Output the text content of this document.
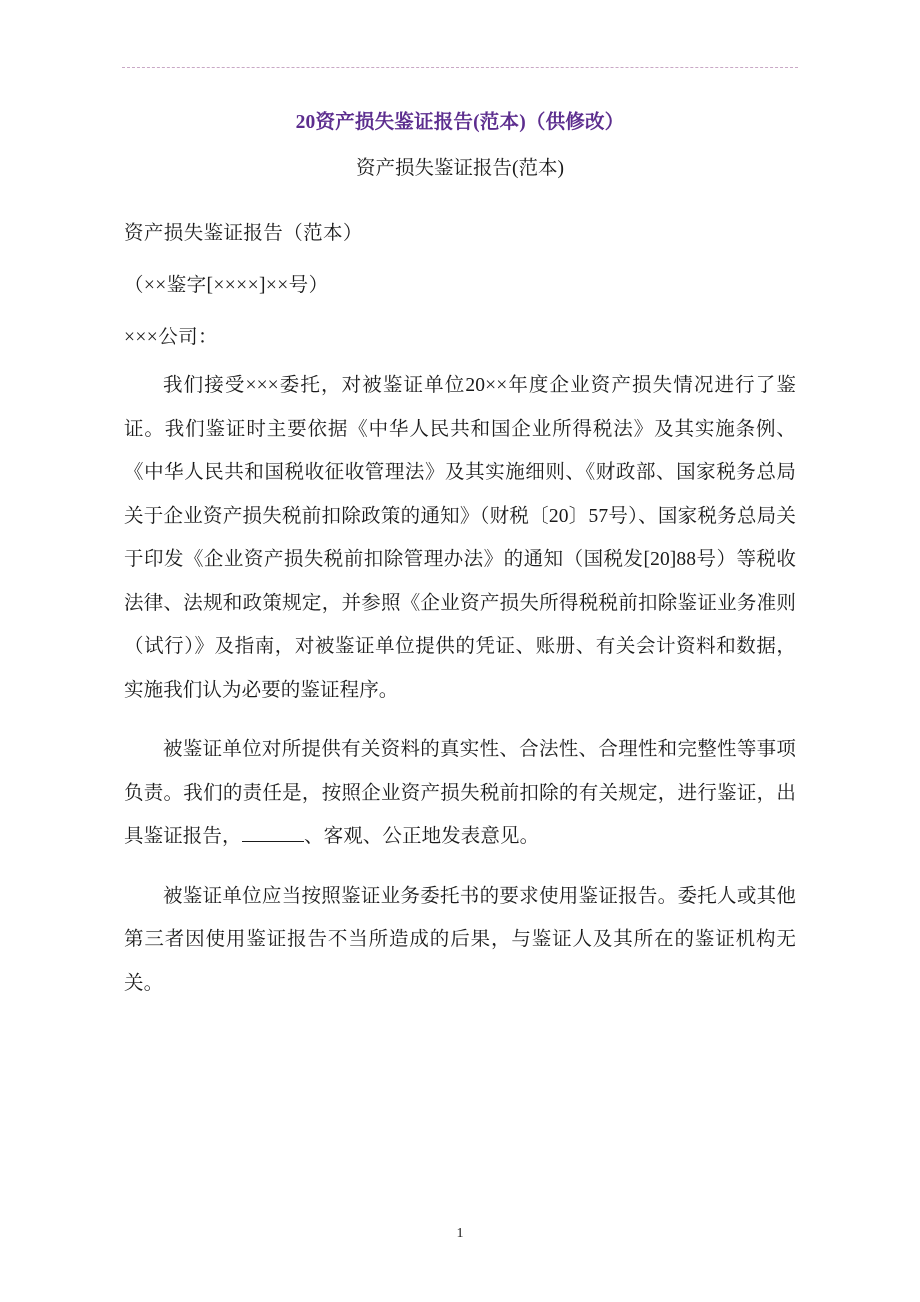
20资产损失鉴证报告(范本)（供修改）
资产损失鉴证报告(范本)

资产损失鉴证报告（范本）

（××鉴字[××××]××号）

×××公司：

我们接受×××委托，对被鉴证单位20××年度企业资产损失情况进行了鉴证。我们鉴证时主要依据《中华人民共和国企业所得税法》及其实施条例、《中华人民共和国税收征收管理法》及其实施细则、《财政部、国家税务总局关于企业资产损失税前扣除政策的通知》（财税〔20〕57号）、国家税务总局关于印发《企业资产损失税前扣除管理办法》的通知（国税发[20]88号）等税收法律、法规和政策规定，并参照《企业资产损失所得税税前扣除鉴证业务准则（试行）》及指南，对被鉴证单位提供的凭证、账册、有关会计资料和数据，实施我们认为必要的鉴证程序。

被鉴证单位对所提供有关资料的真实性、合法性、合理性和完整性等事项负责。我们的责任是，按照企业资产损失税前扣除的有关规定，进行鉴证，出具鉴证报告，	、客观、公正地发表意见。

被鉴证单位应当按照鉴证业务委托书的要求使用鉴证报告。委托人或其他第三者因使用鉴证报告不当所造成的后果，与鉴证人及其所在的鉴证机构无关。

1
